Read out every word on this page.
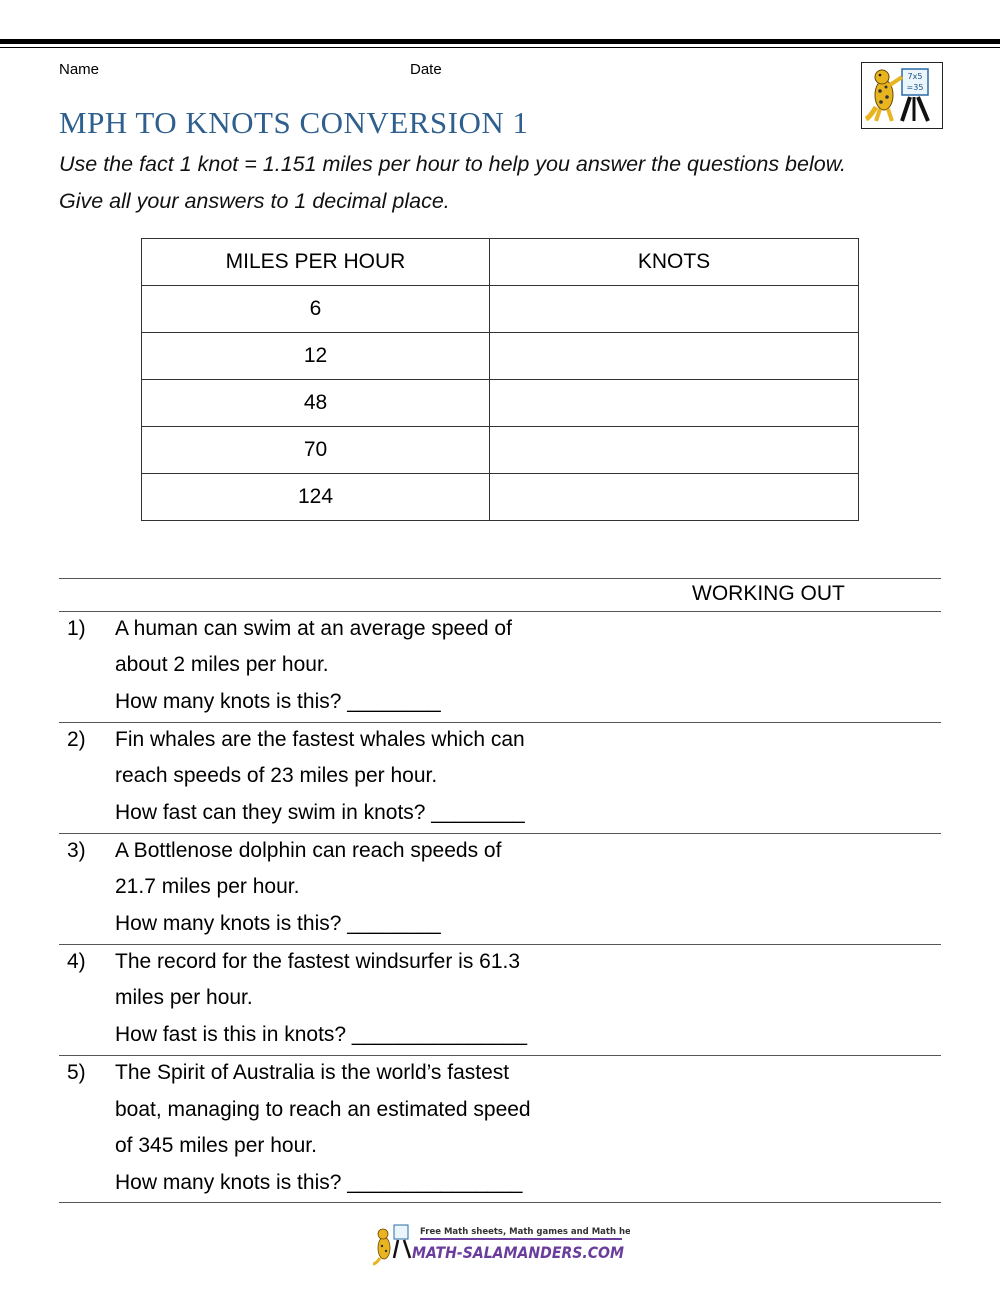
Name	Date	7x5
=35
MPH TO KNOTS CONVERSION 1
Use the fact 1 knot = 1.151 miles per hour to help you answer the questions below.
Give all your answers to 1 decimal place.
MILES PER HOUR	KNOTS
6	
12	
48	
70	
124	
WORKING OUT
1) A human can swim at an average speed of
about 2 miles per hour.
How many knots is this? ________
2) Fin whales are the fastest whales which can
reach speeds of 23 miles per hour.
How fast can they swim in knots? ________
3) A Bottlenose dolphin can reach speeds of
21.7 miles per hour.
How many knots is this? ________
4) The record for the fastest windsurfer is 61.3
miles per hour.
How fast is this in knots? _______________
5) The Spirit of Australia is the world’s fastest
boat, managing to reach an estimated speed
of 345 miles per hour.
How many knots is this? _______________
Free Math sheets, Math games and Math help
MATH-SALAMANDERS.COM
